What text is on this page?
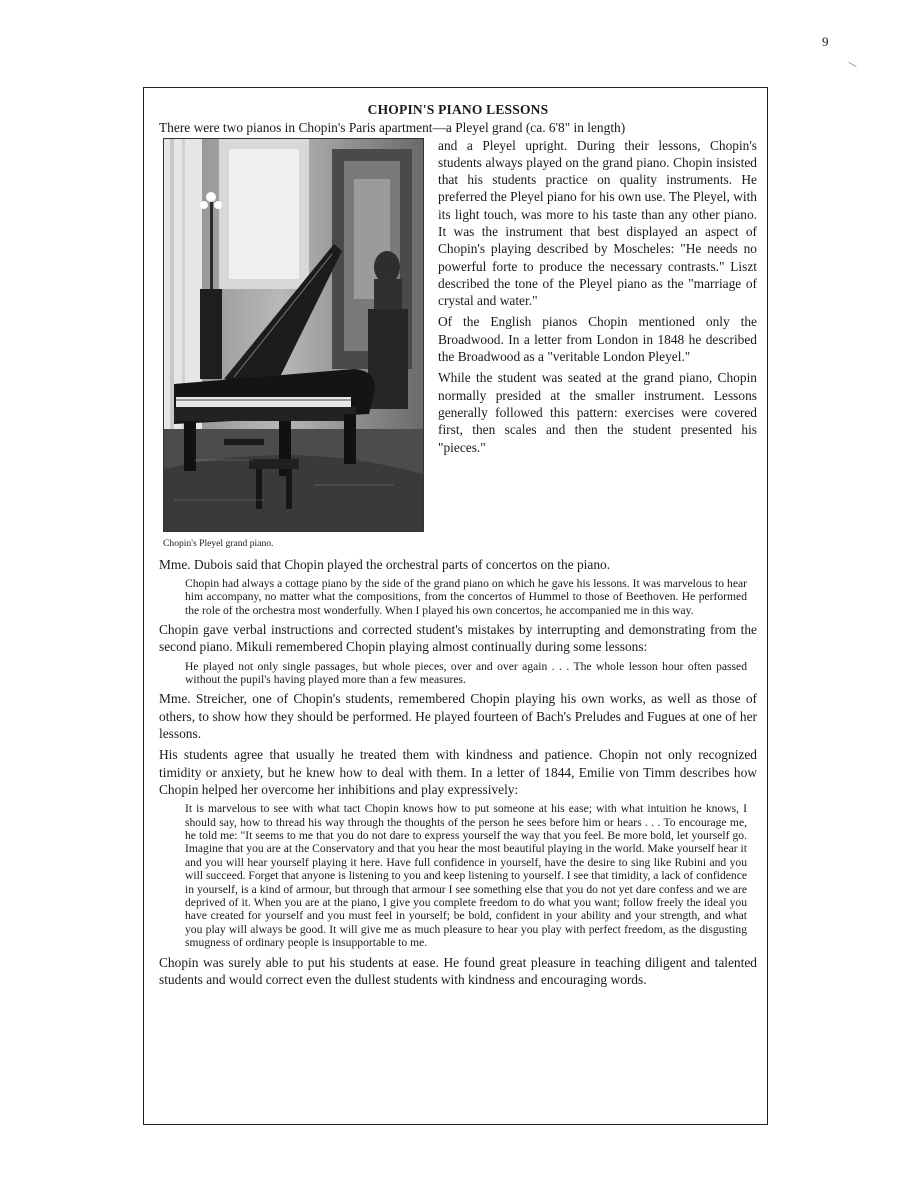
9
CHOPIN'S PIANO LESSONS

There were two pianos in Chopin's Paris apartment—a Pleyel grand (ca. 6'8" in length)

Chopin's Pleyel grand piano.

and a Pleyel upright. During their lessons, Chopin's students always played on the grand piano. Chopin insisted that his students practice on quality instruments. He preferred the Pleyel piano for his own use. The Pleyel, with its light touch, was more to his taste than any other piano. It was the instrument that best displayed an aspect of Chopin's playing described by Moscheles: "He needs no powerful forte to produce the necessary contrasts." Liszt described the tone of the Pleyel piano as the "marriage of crystal and water."

Of the English pianos Chopin mentioned only the Broadwood. In a letter from London in 1848 he described the Broadwood as a "veritable London Pleyel."

While the student was seated at the grand piano, Chopin normally presided at the smaller instrument. Lessons generally followed this pattern: exercises were covered first, then scales and then the student presented his "pieces."

Mme. Dubois said that Chopin played the orchestral parts of concertos on the piano.

Chopin had always a cottage piano by the side of the grand piano on which he gave his lessons. It was marvelous to hear him accompany, no matter what the compositions, from the concertos of Hummel to those of Beethoven. He performed the role of the orchestra most wonderfully. When I played his own concertos, he accompanied me in this way.

Chopin gave verbal instructions and corrected student's mistakes by interrupting and demonstrating from the second piano. Mikuli remembered Chopin playing almost continually during some lessons:

He played not only single passages, but whole pieces, over and over again . . . The whole lesson hour often passed without the pupil's having played more than a few measures.

Mme. Streicher, one of Chopin's students, remembered Chopin playing his own works, as well as those of others, to show how they should be performed. He played fourteen of Bach's Preludes and Fugues at one of her lessons.

His students agree that usually he treated them with kindness and patience. Chopin not only recognized timidity or anxiety, but he knew how to deal with them. In a letter of 1844, Emilie von Timm describes how Chopin helped her overcome her inhibitions and play expressively:

It is marvelous to see with what tact Chopin knows how to put someone at his ease; with what intuition he knows, I should say, how to thread his way through the thoughts of the person he sees before him or hears . . . To encourage me, he told me: "It seems to me that you do not dare to express yourself the way that you feel. Be more bold, let yourself go. Imagine that you are at the Conservatory and that you hear the most beautiful playing in the world. Make yourself hear it and you will hear yourself playing it here. Have full confidence in yourself, have the desire to sing like Rubini and you will succeed. Forget that anyone is listening to you and keep listening to yourself. I see that timidity, a lack of confidence in yourself, is a kind of armour, but through that armour I see something else that you do not yet dare confess and we are deprived of it. When you are at the piano, I give you complete freedom to do what you want; follow freely the ideal you have created for yourself and you must feel in yourself; be bold, confident in your ability and your strength, and what you play will always be good. It will give me as much pleasure to hear you play with perfect freedom, as the disgusting smugness of ordinary people is insupportable to me.

Chopin was surely able to put his students at ease. He found great pleasure in teaching diligent and talented students and would correct even the dullest students with kindness and encouraging words.
